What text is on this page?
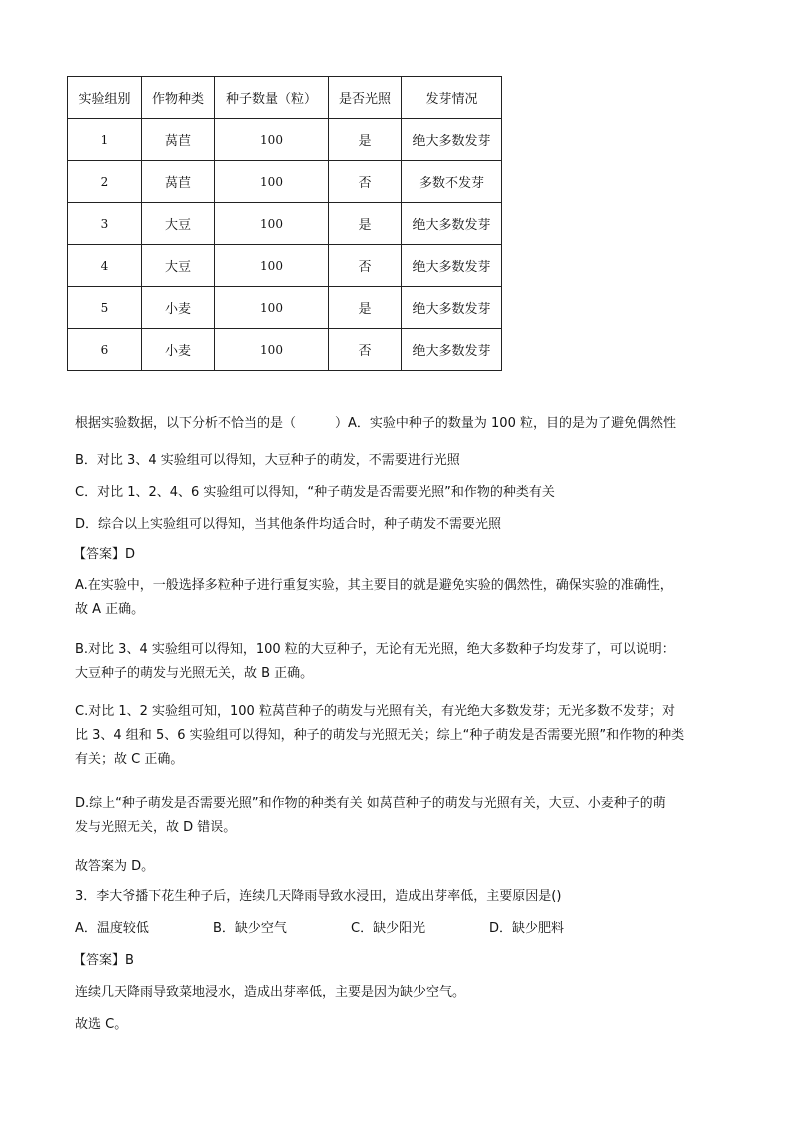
实验组别	作物种类	种子数量（粒）	是否光照	发芽情况
1	莴苣	100	是	绝大多数发芽
2	莴苣	100	否	多数不发芽
3	大豆	100	是	绝大多数发芽
4	大豆	100	否	绝大多数发芽
5	小麦	100	是	绝大多数发芽
6	小麦	100	否	绝大多数发芽
根据实验数据，以下分析不恰当的是（　　　）A．实验中种子的数量为 100 粒，目的是为了避免偶然性
B．对比 3、4 实验组可以得知，大豆种子的萌发，不需要进行光照
C．对比 1、2、4、6 实验组可以得知，“种子萌发是否需要光照”和作物的种类有关
D．综合以上实验组可以得知，当其他条件均适合时，种子萌发不需要光照
【答案】D
A.在实验中，一般选择多粒种子进行重复实验，其主要目的就是避免实验的偶然性，确保实验的准确性，
故 A 正确。
B.对比 3、4 实验组可以得知，100 粒的大豆种子，无论有无光照，绝大多数种子均发芽了，可以说明：
大豆种子的萌发与光照无关，故 B 正确。
C.对比 1、2 实验组可知，100 粒莴苣种子的萌发与光照有关，有光绝大多数发芽；无光多数不发芽；对
比 3、4 组和 5、6 实验组可以得知，种子的萌发与光照无关；综上“种子萌发是否需要光照”和作物的种类
有关；故 C 正确。
D.综上“种子萌发是否需要光照”和作物的种类有关 如莴苣种子的萌发与光照有关，大豆、小麦种子的萌
发与光照无关，故 D 错误。
故答案为 D。
3．李大爷播下花生种子后，连续几天降雨导致水浸田，造成出芽率低，主要原因是()
A．温度较低	B．缺少空气	C．缺少阳光	D．缺少肥料
【答案】B
连续几天降雨导致菜地浸水，造成出芽率低，主要是因为缺少空气。
故选 C。
